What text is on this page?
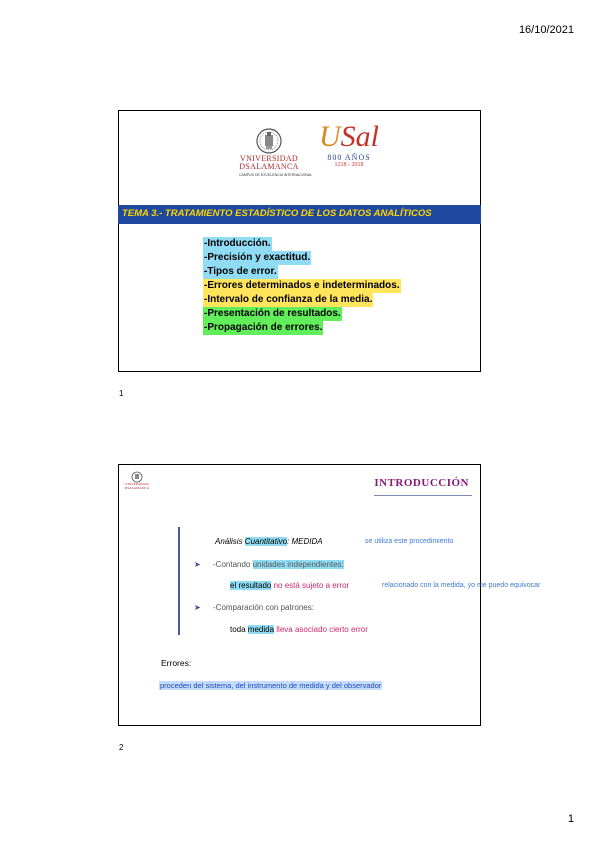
16/10/2021
VNIVERSIDAD
DSALAMANCA
CAMPUS DE EXCELENCIA INTERNACIONAL
USal
800 AÑOS
1218 - 2018
TEMA 3.- TRATAMIENTO ESTADÍSTICO DE LOS DATOS ANALÍTICOS
-Introducción.
-Precisión y exactitud.
-Tipos de error.
-Errores determinados e indeterminados.
-Intervalo de confianza de la media.
-Presentación de resultados.
-Propagación de errores.
1
VNIVERSIDAD
DSALAMANCA	INTRODUCCIÓN
Análisis Cuantitativo: MEDIDA	se utiliza este procedimiento
➤ -Contando unidades independientes:
el resultado no está sujeto a error	relacionado con la medida, yo me puedo equivocar
➤ -Comparación con patrones:
toda medida lleva asociado cierto error
Errores:
proceden del sistema, del instrumento de medida y del observador
2
1
